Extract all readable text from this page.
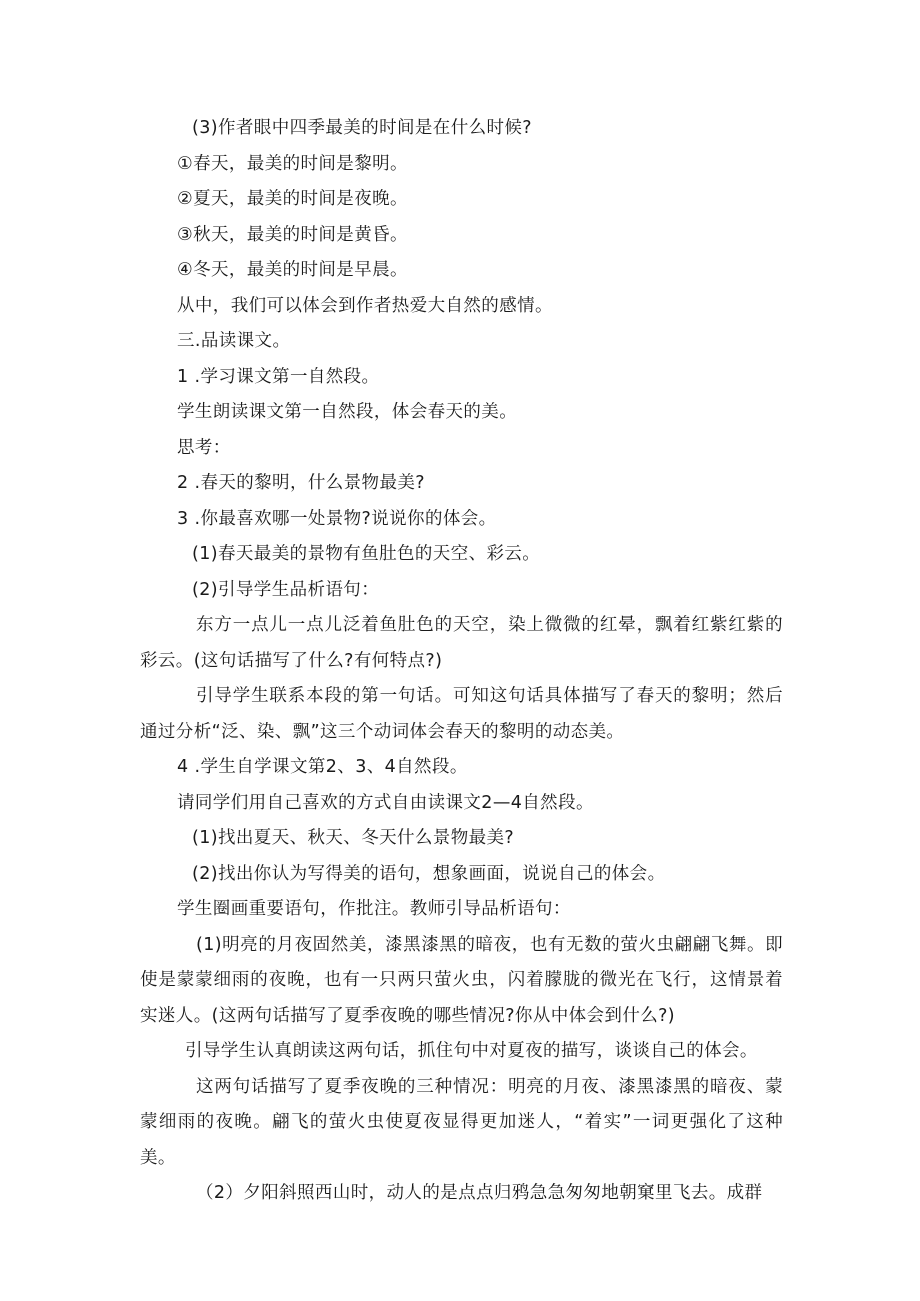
(3)作者眼中四季最美的时间是在什么时候?
①春天，最美的时间是黎明。
②夏天，最美的时间是夜晚。
③秋天，最美的时间是黄昏。
④冬天，最美的时间是早晨。
从中，我们可以体会到作者热爱大自然的感情。
三.品读课文。
1 .学习课文第一自然段。
学生朗读课文第一自然段，体会春天的美。
思考：
2 .春天的黎明，什么景物最美?
3 .你最喜欢哪一处景物?说说你的体会。
(1)春天最美的景物有鱼肚色的天空、彩云。
(2)引导学生品析语句：
东方一点儿一点儿泛着鱼肚色的天空，染上微微的红晕，飘着红紫红紫的彩云。(这句话描写了什么?有何特点?)
引导学生联系本段的第一句话。可知这句话具体描写了春天的黎明；然后通过分析“泛、染、飘”这三个动词体会春天的黎明的动态美。
4 .学生自学课文第2、3、4自然段。
请同学们用自己喜欢的方式自由读课文2—4自然段。
(1)找出夏天、秋天、冬天什么景物最美?
(2)找出你认为写得美的语句，想象画面，说说自己的体会。
学生圈画重要语句，作批注。教师引导品析语句：
(1)明亮的月夜固然美，漆黑漆黑的暗夜，也有无数的萤火虫翩翩飞舞。即使是蒙蒙细雨的夜晚，也有一只两只萤火虫，闪着朦胧的微光在飞行，这情景着实迷人。(这两句话描写了夏季夜晚的哪些情况?你从中体会到什么?)
引导学生认真朗读这两句话，抓住句中对夏夜的描写，谈谈自己的体会。
这两句话描写了夏季夜晚的三种情况：明亮的月夜、漆黑漆黑的暗夜、蒙蒙细雨的夜晚。翩飞的萤火虫使夏夜显得更加迷人，“着实”一词更强化了这种美。
（2）夕阳斜照西山时，动人的是点点归鸦急急匆匆地朝窠里飞去。成群
